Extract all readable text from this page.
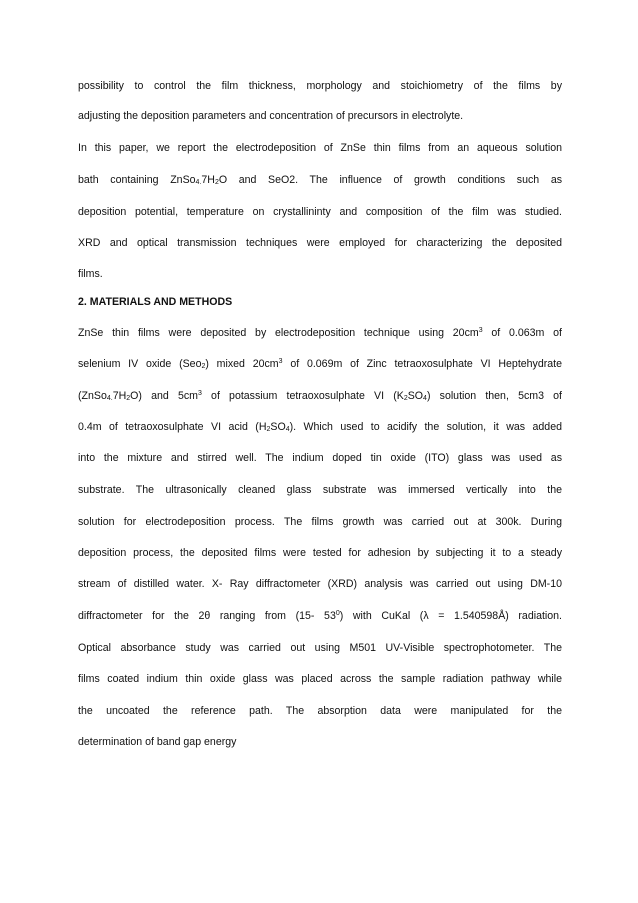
possibility to control the film thickness, morphology and stoichiometry of the films by
adjusting the deposition parameters and concentration of precursors in electrolyte.
In this paper, we report the electrodeposition of ZnSe thin films from an aqueous solution
bath containing $ZnSo_{4.}7H_2O$ and SeO2. The influence of growth conditions such as
deposition potential, temperature on crystallininty and composition of the film was studied.
XRD and optical transmission techniques were employed for characterizing the deposited
films.
2. MATERIALS AND METHODS
ZnSe thin films were deposited by electrodeposition technique using $20cm^3$ of 0.063m of
selenium IV oxide (Seo$_2$) mixed $20cm^3$ of 0.069m of Zinc tetraoxosulphate VI Heptehydrate
$(ZnSo_{4.}7H_2O)$ and $5cm^3$ of potassium tetraoxosulphate VI $(K_2SO_4)$ solution then, 5cm3 of
0.4m of tetraoxosulphate VI acid $(H_2SO_4)$. Which used to acidify the solution, it was added
into the mixture and stirred well. The indium doped tin oxide (ITO) glass was used as
substrate. The ultrasonically cleaned glass substrate was immersed vertically into the
solution for electrodeposition process. The films growth was carried out at 300k. During
deposition process, the deposited films were tested for adhesion by subjecting it to a steady
stream of distilled water. X- Ray diffractometer (XRD) analysis was carried out using DM-10
diffractometer for the 2θ ranging from (15- $53^0$) with CuKal (λ = 1.540598Å) radiation.
Optical absorbance study was carried out using M501 UV-Visible spectrophotometer. The
films coated indium thin oxide glass was placed across the sample radiation pathway while
the uncoated the reference path. The absorption data were manipulated for the
determination of band gap energy
